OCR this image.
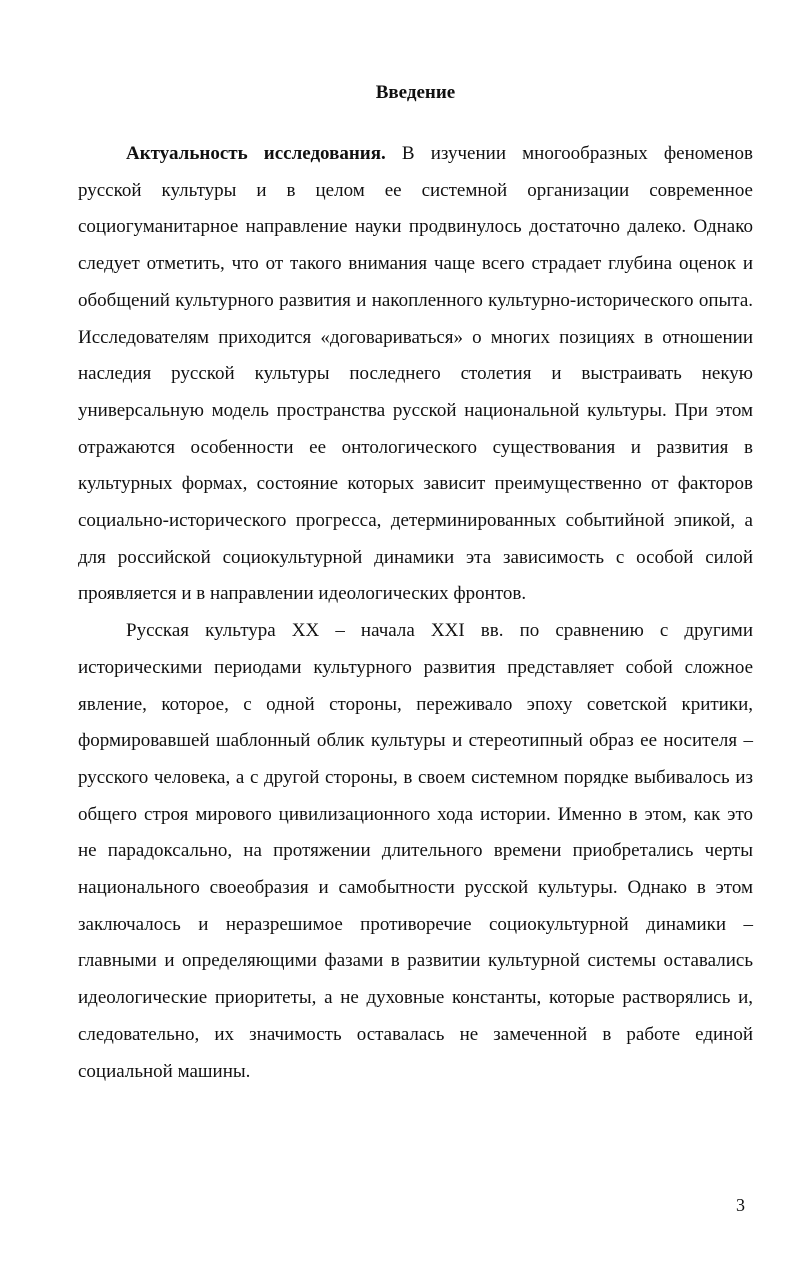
Введение

Актуальность исследования. В изучении многообразных феноменов русской культуры и в целом ее системной организации современное социогуманитарное направление науки продвинулось достаточно далеко. Однако следует отметить, что от такого внимания чаще всего страдает глубина оценок и обобщений культурного развития и накопленного культурно-исторического опыта. Исследователям приходится «договариваться» о многих позициях в отношении наследия русской культуры последнего столетия и выстраивать некую универсальную модель пространства русской национальной культуры. При этом отражаются особенности ее онтологического существования и развития в культурных формах, состояние которых зависит преимущественно от факторов социально-исторического прогресса, детерминированных событийной эпикой, а для российской социокультурной динамики эта зависимость с особой силой проявляется и в направлении идеологических фронтов.

Русская культура XX – начала XXI вв. по сравнению с другими историческими периодами культурного развития представляет собой сложное явление, которое, с одной стороны, переживало эпоху советской критики, формировавшей шаблонный облик культуры и стереотипный образ ее носителя – русского человека, а с другой стороны, в своем системном порядке выбивалось из общего строя мирового цивилизационного хода истории. Именно в этом, как это не парадоксально, на протяжении длительного времени приобретались черты национального своеобразия и самобытности русской культуры. Однако в этом заключалось и неразрешимое противоречие социокультурной динамики – главными и определяющими фазами в развитии культурной системы оставались идеологические приоритеты, а не духовные константы, которые растворялись и, следовательно, их значимость оставалась не замеченной в работе единой социальной машины.

3
